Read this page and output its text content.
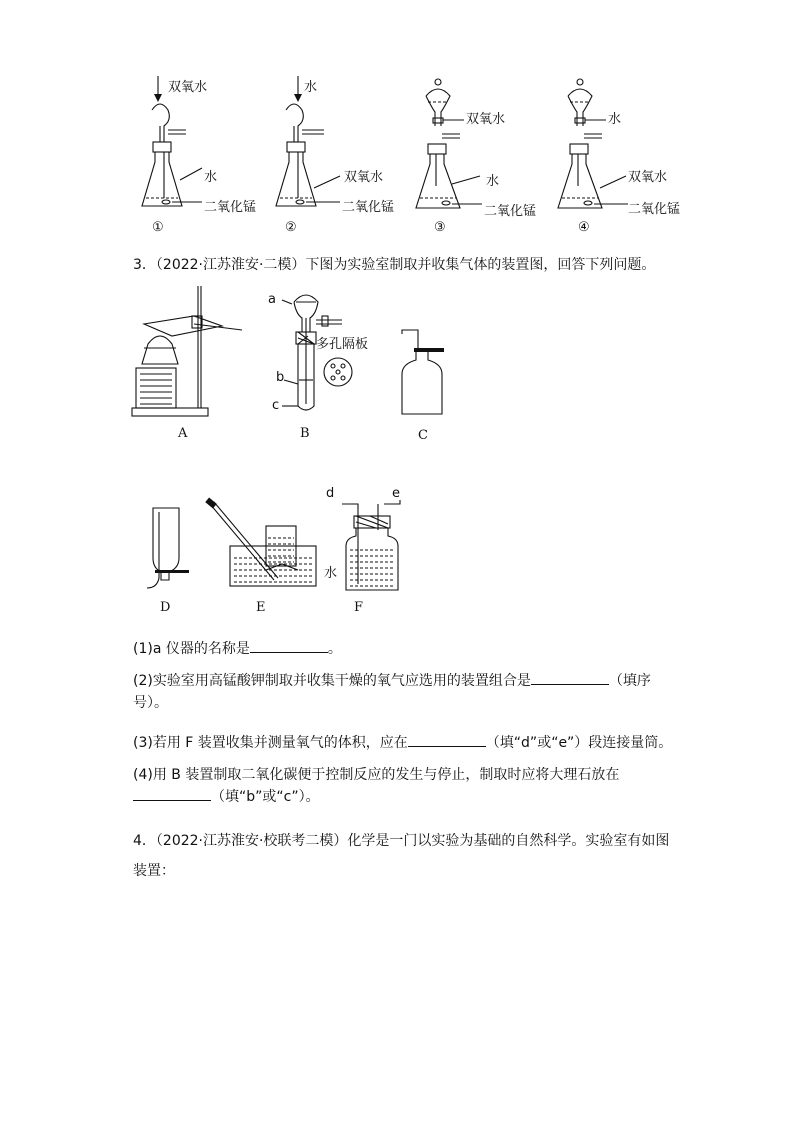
双氧水
水
二氧化锰
①
水
双氧水
二氧化锰
②
双氧水
水
二氧化锰
③
水
双氧水
二氧化锰
④
3．（2022·江苏淮安·二模）下图为实验室制取并收集气体的装置图，回答下列问题。
A
a
多孔隔板
b
c
B	C
D	E
d	e
水
F
(1)a 仪器的名称是	。
(2)实验室用高锰酸钾制取并收集干燥的氧气应选用的装置组合是	（填序号）。
(3)若用 F 装置收集并测量氧气的体积，应在	（填“d”或“e”）段连接量筒。
(4)用 B 装置制取二氧化碳便于控制反应的发生与停止，制取时应将大理石放在
（填“b”或“c”）。
4．（2022·江苏淮安·校联考二模）化学是一门以实验为基础的自然科学。实验室有如图装置：
